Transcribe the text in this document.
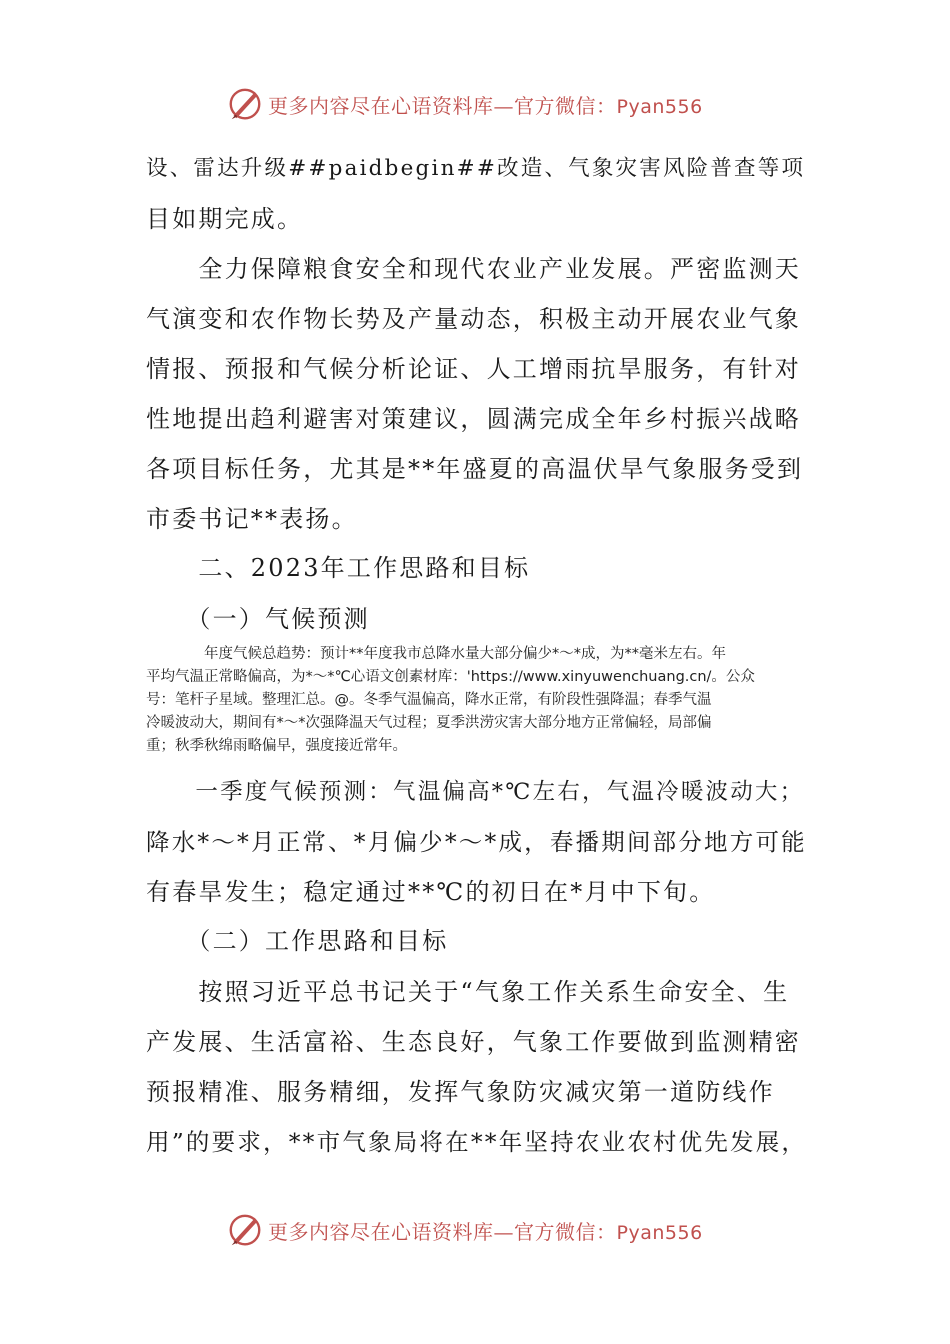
更多内容尽在心语资料库—官方微信：Pyan556
设、雷达升级##paidbegin##改造、气象灾害风险普查等项
目如期完成。
　　全力保障粮食安全和现代农业产业发展。严密监测天
气演变和农作物长势及产量动态，积极主动开展农业气象
情报、预报和气候分析论证、人工增雨抗旱服务，有针对
性地提出趋利避害对策建议，圆满完成全年乡村振兴战略
各项目标任务，尤其是**年盛夏的高温伏旱气象服务受到
市委书记**表扬。
　　二、2023年工作思路和目标
　　（一）气候预测
　　　　年度气候总趋势：预计**年度我市总降水量大部分偏少*～*成，为**毫米左右。年
平均气温正常略偏高，为*～*℃心语文创素材库：'https://www.xinyuwenchuang.cn/。公众
号：笔杆子星域。整理汇总。@。冬季气温偏高，降水正常，有阶段性强降温；春季气温
冷暖波动大，期间有*～*次强降温天气过程；夏季洪涝灾害大部分地方正常偏轻，局部偏
重；秋季秋绵雨略偏早，强度接近常年。
　　一季度气候预测：气温偏高*℃左右，气温冷暖波动大；
降水*～*月正常、*月偏少*～*成，春播期间部分地方可能
有春旱发生；稳定通过**℃的初日在*月中下旬。
　　（二）工作思路和目标
　　按照习近平总书记关于“气象工作关系生命安全、生
产发展、生活富裕、生态良好，气象工作要做到监测精密
预报精准、服务精细，发挥气象防灾减灾第一道防线作
用”的要求，**市气象局将在**年坚持农业农村优先发展，
更多内容尽在心语资料库—官方微信：Pyan556
